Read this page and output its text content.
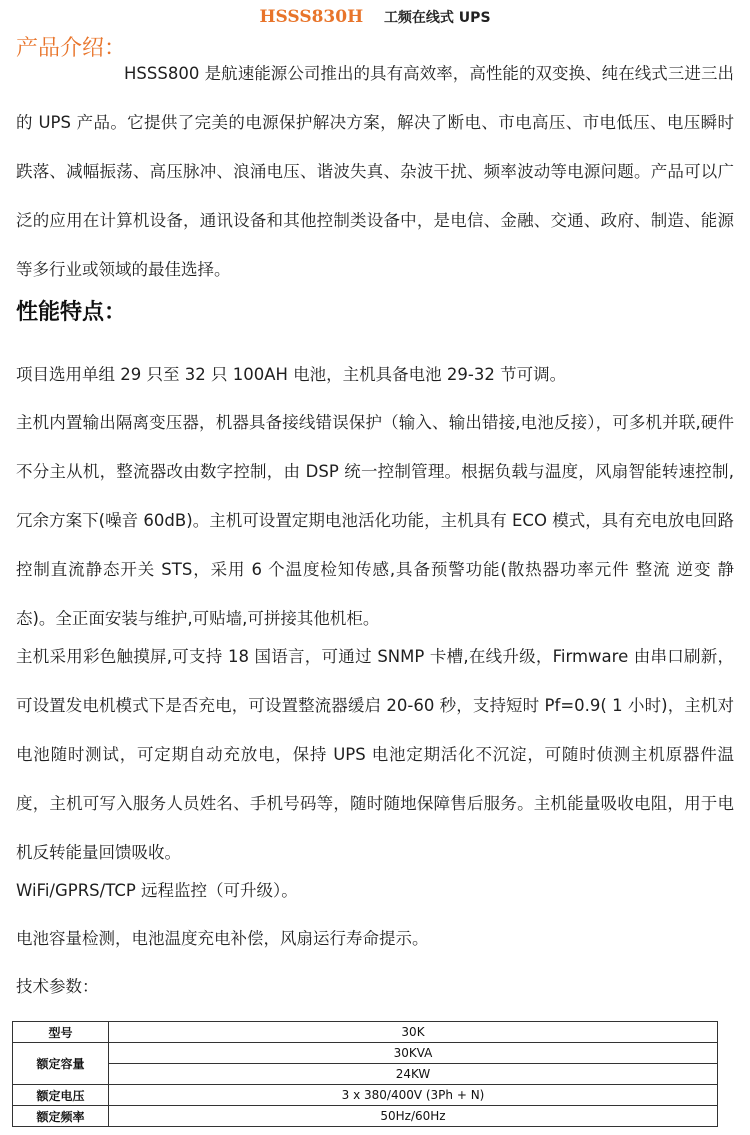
HSSS830H 工频在线式 UPS
产品介绍：

HSSS800 是航速能源公司推出的具有高效率，高性能的双变换、纯在线式三进三出的 UPS 产品。它提供了完美的电源保护解决方案，解决了断电、市电高压、市电低压、电压瞬时跌落、减幅振荡、高压脉冲、浪涌电压、谐波失真、杂波干扰、频率波动等电源问题。产品可以广泛的应用在计算机设备，通讯设备和其他控制类设备中，是电信、金融、交通、政府、制造、能源等多行业或领域的最佳选择。

性能特点：

项目选用单组 29 只至 32 只 100AH 电池，主机具备电池 29-32 节可调。

主机内置输出隔离变压器，机器具备接线错误保护（输入、输出错接,电池反接），可多机并联,硬件不分主从机，整流器改由数字控制，由 DSP 统一控制管理。根据负载与温度，风扇智能转速控制,冗余方案下(噪音 60dB)。主机可设置定期电池活化功能，主机具有 ECO 模式，具有充电放电回路控制直流静态开关 STS，采用 6 个温度检知传感,具备预警功能(散热器功率元件 整流 逆变 静态)。全正面安装与维护,可贴墙,可拼接其他机柜。

主机采用彩色触摸屏,可支持 18 国语言，可通过 SNMP 卡槽,在线升级，Firmware 由串口刷新，可设置发电机模式下是否充电，可设置整流器缓启 20-60 秒，支持短时 Pf=0.9( 1 小时)，主机对电池随时测试，可定期自动充放电，保持 UPS 电池定期活化不沉淀，可随时侦测主机原器件温度，主机可写入服务人员姓名、手机号码等，随时随地保障售后服务。主机能量吸收电阻，用于电机反转能量回馈吸收。

WiFi/GPRS/TCP 远程监控（可升级）。

电池容量检测，电池温度充电补偿，风扇运行寿命提示。

技术参数：

型号	30K
额定容量	30KVA
	24KW
额定电压	3 x 380/400V (3Ph + N)
额定频率	50Hz/60Hz
